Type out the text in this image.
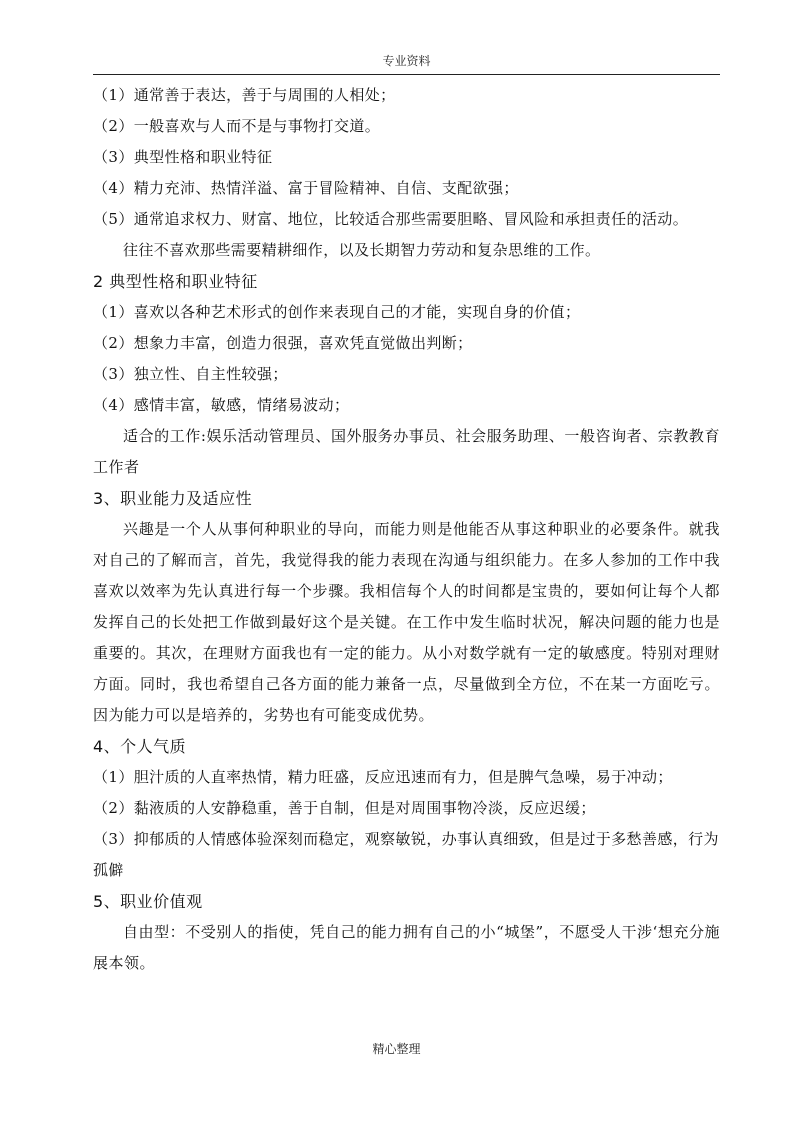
专业资料
（1）通常善于表达，善于与周围的人相处；
（2）一般喜欢与人而不是与事物打交道。
（3）典型性格和职业特征
（4）精力充沛、热情洋溢、富于冒险精神、自信、支配欲强；
（5）通常追求权力、财富、地位，比较适合那些需要胆略、冒风险和承担责任的活动。
往往不喜欢那些需要精耕细作，以及长期智力劳动和复杂思维的工作。
2 典型性格和职业特征
（1）喜欢以各种艺术形式的创作来表现自己的才能，实现自身的价值；
（2）想象力丰富，创造力很强，喜欢凭直觉做出判断；
（3）独立性、自主性较强；
（4）感情丰富，敏感，情绪易波动；

适合的工作:娱乐活动管理员、国外服务办事员、社会服务助理、一般咨询者、宗教教育工作者

3、职业能力及适应性

兴趣是一个人从事何种职业的导向，而能力则是他能否从事这种职业的必要条件。就我对自己的了解而言，首先，我觉得我的能力表现在沟通与组织能力。在多人参加的工作中我喜欢以效率为先认真进行每一个步骤。我相信每个人的时间都是宝贵的，要如何让每个人都发挥自己的长处把工作做到最好这个是关键。在工作中发生临时状况，解决问题的能力也是重要的。其次，在理财方面我也有一定的能力。从小对数学就有一定的敏感度。特别对理财方面。同时，我也希望自己各方面的能力兼备一点，尽量做到全方位，不在某一方面吃亏。 因为能力可以是培养的，劣势也有可能变成优势。

4、个人气质
（1）胆汁质的人直率热情，精力旺盛，反应迅速而有力，但是脾气急噪，易于冲动；
（2）黏液质的人安静稳重，善于自制，但是对周围事物冷淡，反应迟缓；

（3）抑郁质的人情感体验深刻而稳定，观察敏锐，办事认真细致，但是过于多愁善感，行为孤僻

5、职业价值观

自由型：不受别人的指使，凭自己的能力拥有自己的小“城堡”，不愿受人干涉‘想充分施展本领。

精心整理
